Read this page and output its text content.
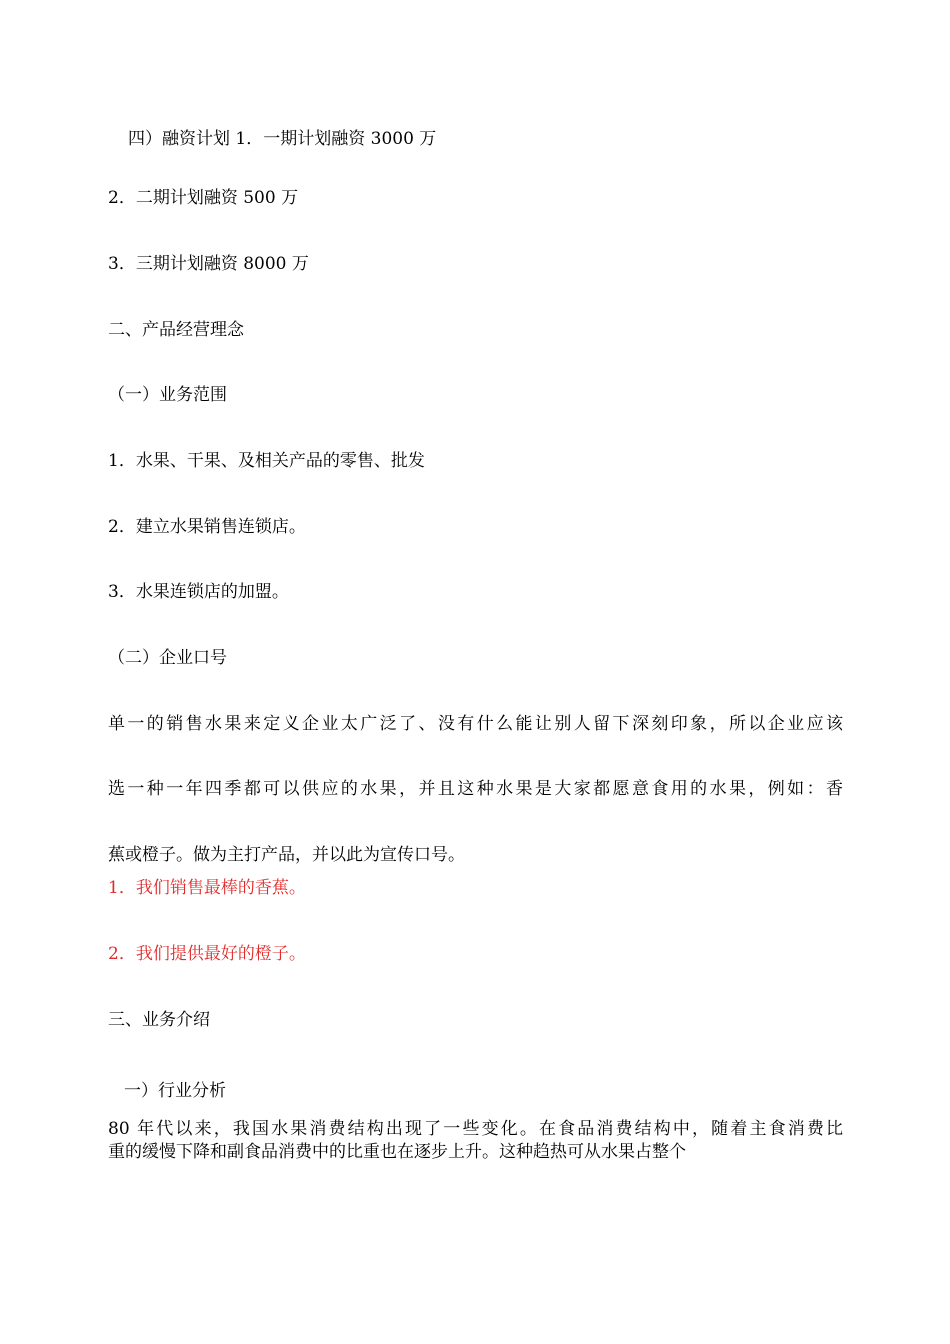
四）融资计划 1．一期计划融资 3000 万
2．二期计划融资 500 万
3．三期计划融资 8000 万
二、产品经营理念
（一）业务范围
1．水果、干果、及相关产品的零售、批发
2．建立水果销售连锁店。
3．水果连锁店的加盟。
（二）企业口号
单一的销售水果来定义企业太广泛了、没有什么能让别人留下深刻印象，所以企业应该
选一种一年四季都可以供应的水果，并且这种水果是大家都愿意食用的水果，例如：香
蕉或橙子。做为主打产品，并以此为宣传口号。
1．我们销售最棒的香蕉。
2．我们提供最好的橙子。
三、业务介绍
一）行业分析
80 年代以来，我国水果消费结构出现了一些变化。在食品消费结构中，随着主食消费比
重的缓慢下降和副食品消费中的比重也在逐步上升。这种趋热可从水果占整个
